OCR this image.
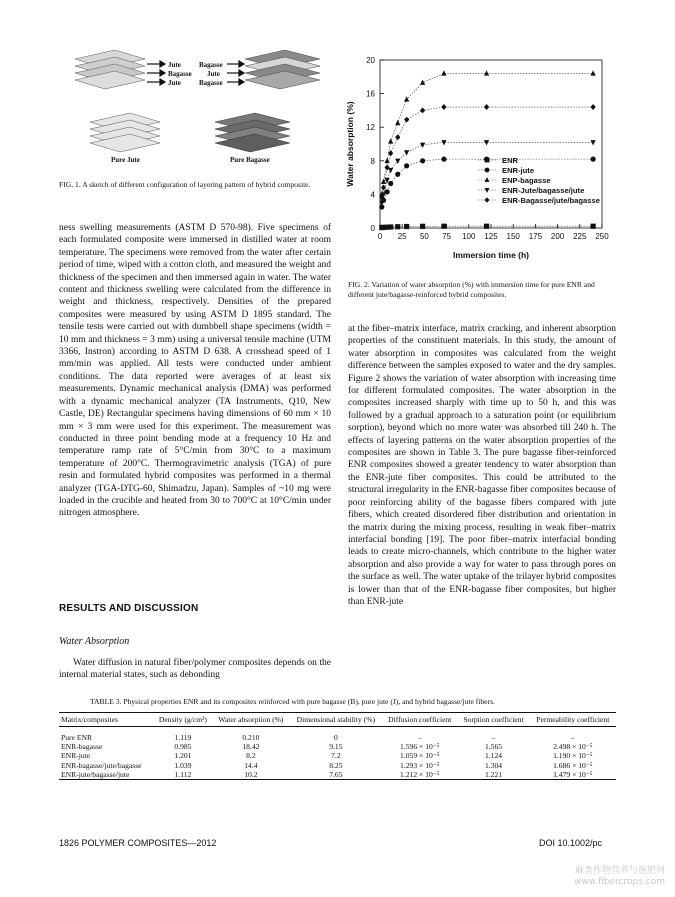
Jute
Bagasse
Jute
Bagasse
Jute
Bagasse
Pure Jute	Pure Bagasse
FIG. 1. A sketch of different configuration of layering pattern of hybrid composite.
0
4
8
12
16
20
0 25 50 75 100 125 150 175 200 225 250
Immersion time (h)
Water absorption (%)	ENR
ENR-jute
ENP-bagasse
ENR-Jute/bagasse/jute
ENR-Bagasse/jute/bagasse
FIG. 2. Variation of water absorption (%) with immersion time for pure ENR and different jute/bagasse-reinforced hybrid composites.
ness swelling measurements (ASTM D 570-98). Five specimens of each formulated composite were immersed in distilled water at room temperature. The specimens were removed from the water after certain period of time, wiped with a cotton cloth, and measured the weight and thickness of the specimen and then immersed again in water. The water content and thickness swelling were calculated from the difference in weight and thickness, respectively. Densities of the prepared composites were measured by using ASTM D 1895 standard. The tensile tests were carried out with dumbbell shape specimens (width = 10 mm and thickness = 3 mm) using a universal tensile machine (UTM 3366, Instron) according to ASTM D 638. A crosshead speed of 1 mm/min was applied. All tests were conducted under ambient conditions. The data reported were averages of at least six measurements. Dynamic mechanical analysis (DMA) was performed with a dynamic mechanical analyzer (TA Instruments, Q10, New Castle, DE) Rectangular specimens having dimensions of 60 mm × 10 mm × 3 mm were used for this experiment. The measurement was conducted in three point bending mode at a frequency 10 Hz and temperature ramp rate of 5°C/min from 30°C to a maximum temperature of 200°C. Thermogravimetric analysis (TGA) of pure resin and formulated hybrid composites was performed in a thermal analyzer (TGA-DTG-60, Shimadzu, Japan). Samples of ~10 mg were loaded in the crucible and heated from 30 to 700°C at 10°C/min under nitrogen atmosphere.
RESULTS AND DISCUSSION
Water Absorption
Water diffusion in natural fiber/polymer composites depends on the internal material states, such as debonding
at the fiber–matrix interface, matrix cracking, and inherent absorption properties of the constituent materials. In this study, the amount of water absorption in composites was calculated from the weight difference between the samples exposed to water and the dry samples. Figure 2 shows the variation of water absorption with increasing time for different formulated composites. The water absorption in the composites increased sharply with time up to 50 h, and this was followed by a gradual approach to a saturation point (or equilibrium sorption), beyond which no more water was absorbed till 240 h. The effects of layering patterns on the water absorption properties of the composites are shown in Table 3. The pure bagasse fiber-reinforced ENR composites showed a greater tendency to water absorption than the ENR-jute fiber composites. This could be attributed to the structural irregularity in the ENR-bagasse fiber composites because of poor reinforcing ability of the bagasse fibers compared with jute fibers, which created disordered fiber distribution and orientation in the matrix during the mixing process, resulting in weak fiber–matrix interfacial bonding [19]. The poor fiber–matrix interfacial bonding leads to create micro-channels, which contribute to the higher water absorption and also provide a way for water to pass through pores on the surface as well. The water uptake of the trilayer hybrid composites is lower than that of the ENR-bagasse fiber composites, but higher than ENR-jute
TABLE 3. Physical properties ENR and its composites reinforced with pure bagasse (B), pure jute (J), and hybrid bagasse/jute fibers.
Matrix/composites	Density (g/cm³)	Water absorption (%)	Dimensional stability (%)	Diffusion coefficient	Sorption coefficient	Permeability coefficient
Pure ENR	1.119	0.210	0	–	–	–
ENR-bagasse	0.985	18.42	9.15	1.596 × 10⁻⁵	1.565	2.498 × 10⁻⁵
ENR-jute	1.201	8.2	7.2	1.059 × 10⁻⁵	1.124	1.190 × 10⁻⁵
ENR-bagasse/jute/bagasse	1.039	14.4	8.25	1.293 × 10⁻⁵	1.304	1.686 × 10⁻⁵
ENR-jute/bagasse/jute	1.112	10.2	7.65	1.212 × 10⁻⁵	1.221	1.479 × 10⁻⁵
1826 POLYMER COMPOSITES—2012	DOI 10.1002/pc
麻类作物营养与施肥网
www.fibercrops.com
